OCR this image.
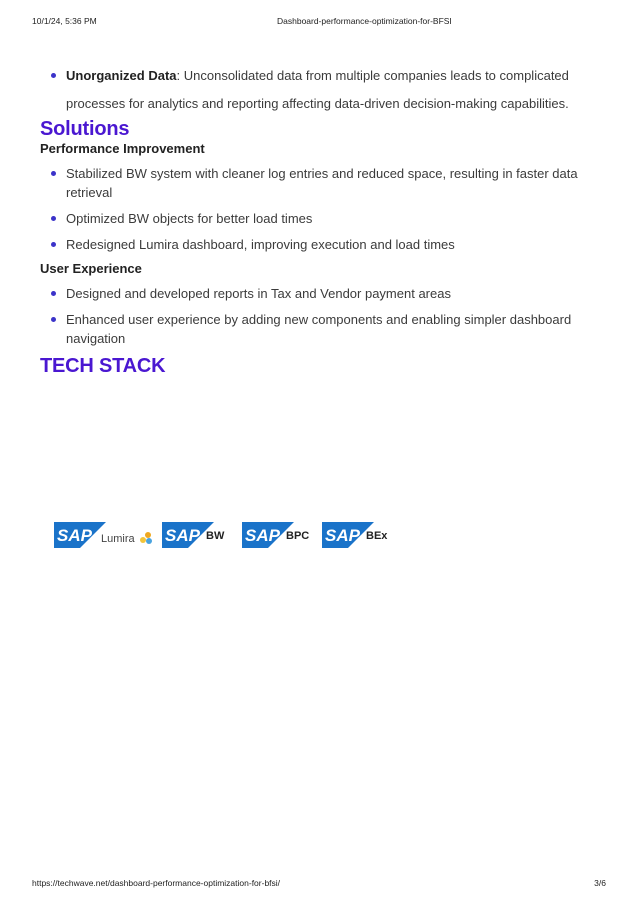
10/1/24, 5:36 PM	Dashboard-performance-optimization-for-BFSI
Unorganized Data: Unconsolidated data from multiple companies leads to complicated processes for analytics and reporting affecting data-driven decision-making capabilities.
Solutions
Performance Improvement
Stabilized BW system with cleaner log entries and reduced space, resulting in faster data retrieval
Optimized BW objects for better load times
Redesigned Lumira dashboard, improving execution and load times
User Experience
Designed and developed reports in Tax and Vendor payment areas
Enhanced user experience by adding new components and enabling simpler dashboard navigation
TECH STACK
SAP Lumira SAP BW SAP BPC SAP BEx
https://techwave.net/dashboard-performance-optimization-for-bfsi/	3/6
